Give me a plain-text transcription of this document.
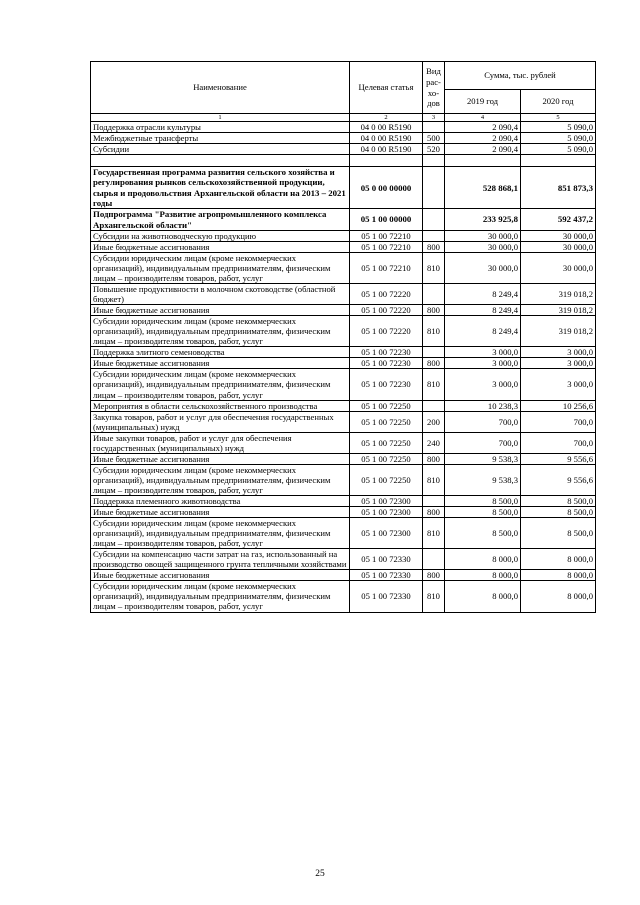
Наименование	Целевая статья	Вид
рас-
хо-
дов	Сумма, тыс. рублей	
			2019 год	2020 год
1	2	3	4	5
Поддержка отрасли культуры	04 0 00 R5190		2 090,4	5 090,0
Межбюджетные трансферты	04 0 00 R5190	500	2 090,4	5 090,0
Субсидии	04 0 00 R5190	520	2 090,4	5 090,0

Государственная программа развития сельского хозяйства и регулирования рынков сельскохозяйственной продукции, сырья и продовольствия Архангельской области на 2013 – 2021 годы	05 0 00 00000		528 868,1	851 873,3
Подпрограмма "Развитие агропромышленного комплекса Архангельской области"	05 1 00 00000		233 925,8	592 437,2
Субсидии на животноводческую продукцию	05 1 00 72210		30 000,0	30 000,0
Иные бюджетные ассигнования	05 1 00 72210	800	30 000,0	30 000,0
Субсидии юридическим лицам (кроме некоммерческих организаций), индивидуальным предпринимателям, физическим лицам – производителям товаров, работ, услуг	05 1 00 72210	810	30 000,0	30 000,0
Повышение продуктивности в молочном скотоводстве (областной бюджет)	05 1 00 72220		8 249,4	319 018,2
Иные бюджетные ассигнования	05 1 00 72220	800	8 249,4	319 018,2
Субсидии юридическим лицам (кроме некоммерческих организаций), индивидуальным предпринимателям, физическим лицам – производителям товаров, работ, услуг	05 1 00 72220	810	8 249,4	319 018,2
Поддержка элитного семеноводства	05 1 00 72230		3 000,0	3 000,0
Иные бюджетные ассигнования	05 1 00 72230	800	3 000,0	3 000,0
Субсидии юридическим лицам (кроме некоммерческих организаций), индивидуальным предпринимателям, физическим лицам – производителям товаров, работ, услуг	05 1 00 72230	810	3 000,0	3 000,0
Мероприятия в области сельскохозяйственного производства	05 1 00 72250		10 238,3	10 256,6
Закупка товаров, работ и услуг для обеспечения государственных (муниципальных) нужд	05 1 00 72250	200	700,0	700,0
Иные закупки товаров, работ и услуг для обеспечения государственных (муниципальных) нужд	05 1 00 72250	240	700,0	700,0
Иные бюджетные ассигнования	05 1 00 72250	800	9 538,3	9 556,6
Субсидии юридическим лицам (кроме некоммерческих организаций), индивидуальным предпринимателям, физическим лицам – производителям товаров, работ, услуг	05 1 00 72250	810	9 538,3	9 556,6
Поддержка племенного животноводства	05 1 00 72300		8 500,0	8 500,0
Иные бюджетные ассигнования	05 1 00 72300	800	8 500,0	8 500,0
Субсидии юридическим лицам (кроме некоммерческих организаций), индивидуальным предпринимателям, физическим лицам – производителям товаров, работ, услуг	05 1 00 72300	810	8 500,0	8 500,0
Субсидии на компенсацию части затрат на газ, использованный на производство овощей защищенного грунта тепличными хозяйствами	05 1 00 72330		8 000,0	8 000,0
Иные бюджетные ассигнования	05 1 00 72330	800	8 000,0	8 000,0
Субсидии юридическим лицам (кроме некоммерческих организаций), индивидуальным предпринимателям, физическим лицам – производителям товаров, работ, услуг	05 1 00 72330	810	8 000,0	8 000,0
25
